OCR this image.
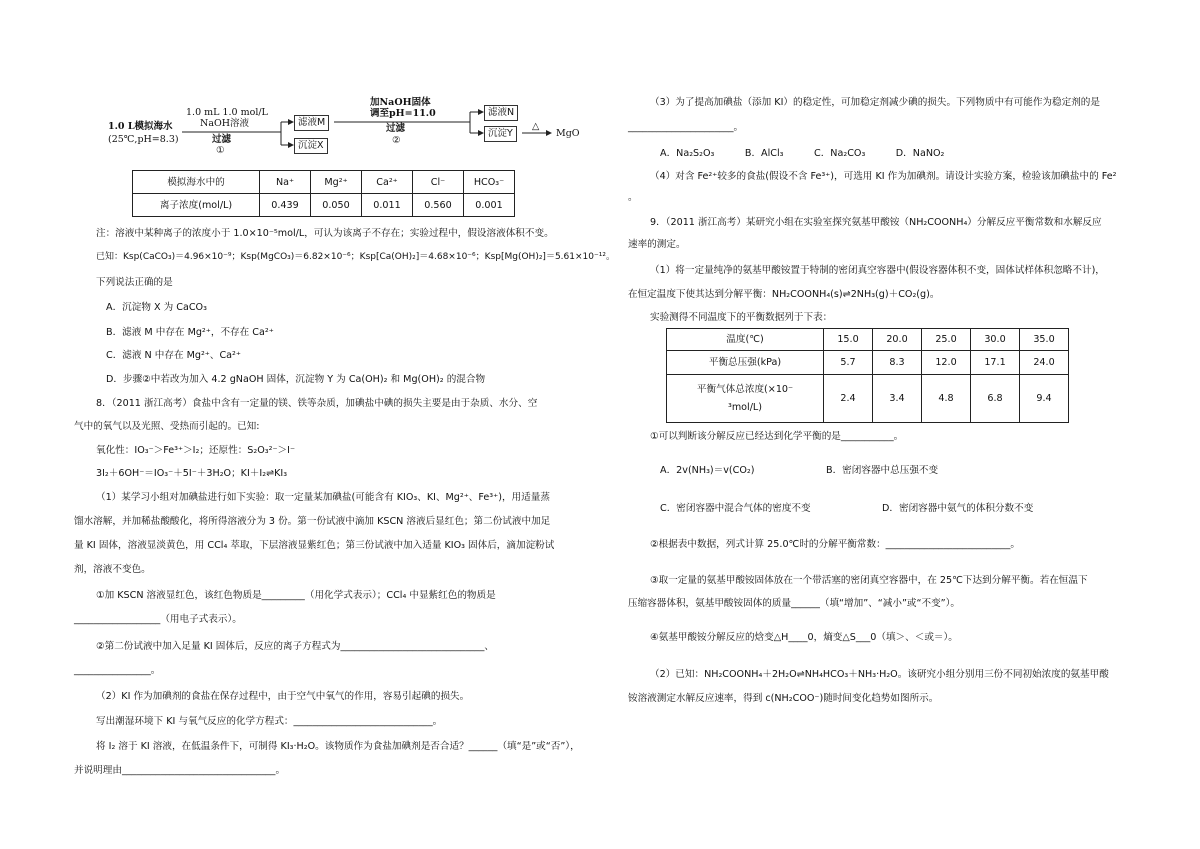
1.0 L模拟海水
(25℃,pH=8.3)
1.0 mL 1.0 mol/L
NaOH溶液
过滤
①
滤液M
沉淀X
加NaOH固体
调至pH=11.0
过滤
②
滤液N
沉淀Y
△
MgO
模拟海水中的	Na⁺	Mg²⁺	Ca²⁺	Cl⁻	HCO₃⁻
离子浓度(mol/L)	0.439	0.050	0.011	0.560	0.001
注：溶液中某种离子的浓度小于 1.0×10⁻⁵mol/L，可认为该离子不存在；实验过程中，假设溶液体积不变。
已知：Ksp(CaCO₃)＝4.96×10⁻⁹；Ksp(MgCO₃)＝6.82×10⁻⁶；Ksp[Ca(OH)₂]＝4.68×10⁻⁶；Ksp[Mg(OH)₂]＝5.61×10⁻¹²。
下列说法正确的是
A．沉淀物 X 为 CaCO₃
B．滤液 M 中存在 Mg²⁺，不存在 Ca²⁺
C．滤液 N 中存在 Mg²⁺、Ca²⁺
D．步骤②中若改为加入 4.2 gNaOH 固体，沉淀物 Y 为 Ca(OH)₂ 和 Mg(OH)₂ 的混合物
8．（2011 浙江高考）食盐中含有一定量的镁、铁等杂质，加碘盐中碘的损失主要是由于杂质、水分、空
气中的氧气以及光照、受热而引起的。已知:
氧化性：IO₃⁻＞Fe³⁺＞I₂；还原性：S₂O₃²⁻＞I⁻
3I₂＋6OH⁻＝IO₃⁻＋5I⁻＋3H₂O；KI＋I₂⇌KI₃
（1）某学习小组对加碘盐进行如下实验：取一定量某加碘盐(可能含有 KIO₃、KI、Mg²⁺、Fe³⁺)，用适量蒸
馏水溶解，并加稀盐酸酸化，将所得溶液分为 3 份。第一份试液中滴加 KSCN 溶液后显红色；第二份试液中加足
量 KI 固体，溶液显淡黄色，用 CCl₄ 萃取，下层溶液显紫红色；第三份试液中加入适量 KIO₃ 固体后，滴加淀粉试
剂，溶液不变色。
①加 KSCN 溶液显红色，该红色物质是_________（用化学式表示）；CCl₄ 中显紫红色的物质是
__________________（用电子式表示）。
②第二份试液中加入足量 KI 固体后，反应的离子方程式为______________________________、
________________。
（2）KI 作为加碘剂的食盐在保存过程中，由于空气中氧气的作用，容易引起碘的损失。
写出潮湿环境下 KI 与氧气反应的化学方程式：_____________________________。
将 I₂ 溶于 KI 溶液，在低温条件下，可制得 KI₃·H₂O。该物质作为食盐加碘剂是否合适？______（填“是”或“否”），
并说明理由________________________________。
（3）为了提高加碘盐（添加 KI）的稳定性，可加稳定剂减少碘的损失。下列物质中有可能作为稳定剂的是
______________________。
A．Na₂S₂O₃          B．AlCl₃          C．Na₂CO₃          D．NaNO₂
（4）对含 Fe²⁺较多的食盐(假设不含 Fe³⁺)，可选用 KI 作为加碘剂。请设计实验方案，检验该加碘盐中的 Fe²
。
9．（2011 浙江高考）某研究小组在实验室探究氨基甲酸铵（NH₂COONH₄）分解反应平衡常数和水解反应
速率的测定。
（1）将一定量纯净的氨基甲酸铵置于特制的密闭真空容器中(假设容器体积不变，固体试样体积忽略不计)，
在恒定温度下使其达到分解平衡：NH₂COONH₄(s)⇌2NH₃(g)＋CO₂(g)。
实验测得不同温度下的平衡数据列于下表：
温度(℃)	15.0	20.0	25.0	30.0	35.0
平衡总压强(kPa)	5.7	8.3	12.0	17.1	24.0

平衡气体总浓度(×10⁻
³mol/L)	2.4	3.4	4.8	6.8	9.4
①可以判断该分解反应已经达到化学平衡的是___________。
A．2v(NH₃)＝v(CO₂)	B．密闭容器中总压强不变
C．密闭容器中混合气体的密度不变	D．密闭容器中氨气的体积分数不变
②根据表中数据，列式计算 25.0℃时的分解平衡常数：__________________________。
③取一定量的氨基甲酸铵固体放在一个带活塞的密闭真空容器中，在 25℃下达到分解平衡。若在恒温下
压缩容器体积，氨基甲酸铵固体的质量______（填“增加”、“减小”或“不变”）。
④氨基甲酸铵分解反应的焓变△H____0，熵变△S___0（填＞、＜或＝）。
（2）已知：NH₂COONH₄＋2H₂O⇌NH₄HCO₃＋NH₃·H₂O。该研究小组分别用三份不同初始浓度的氨基甲酸
铵溶液测定水解反应速率，得到 c(NH₂COO⁻)随时间变化趋势如图所示。
